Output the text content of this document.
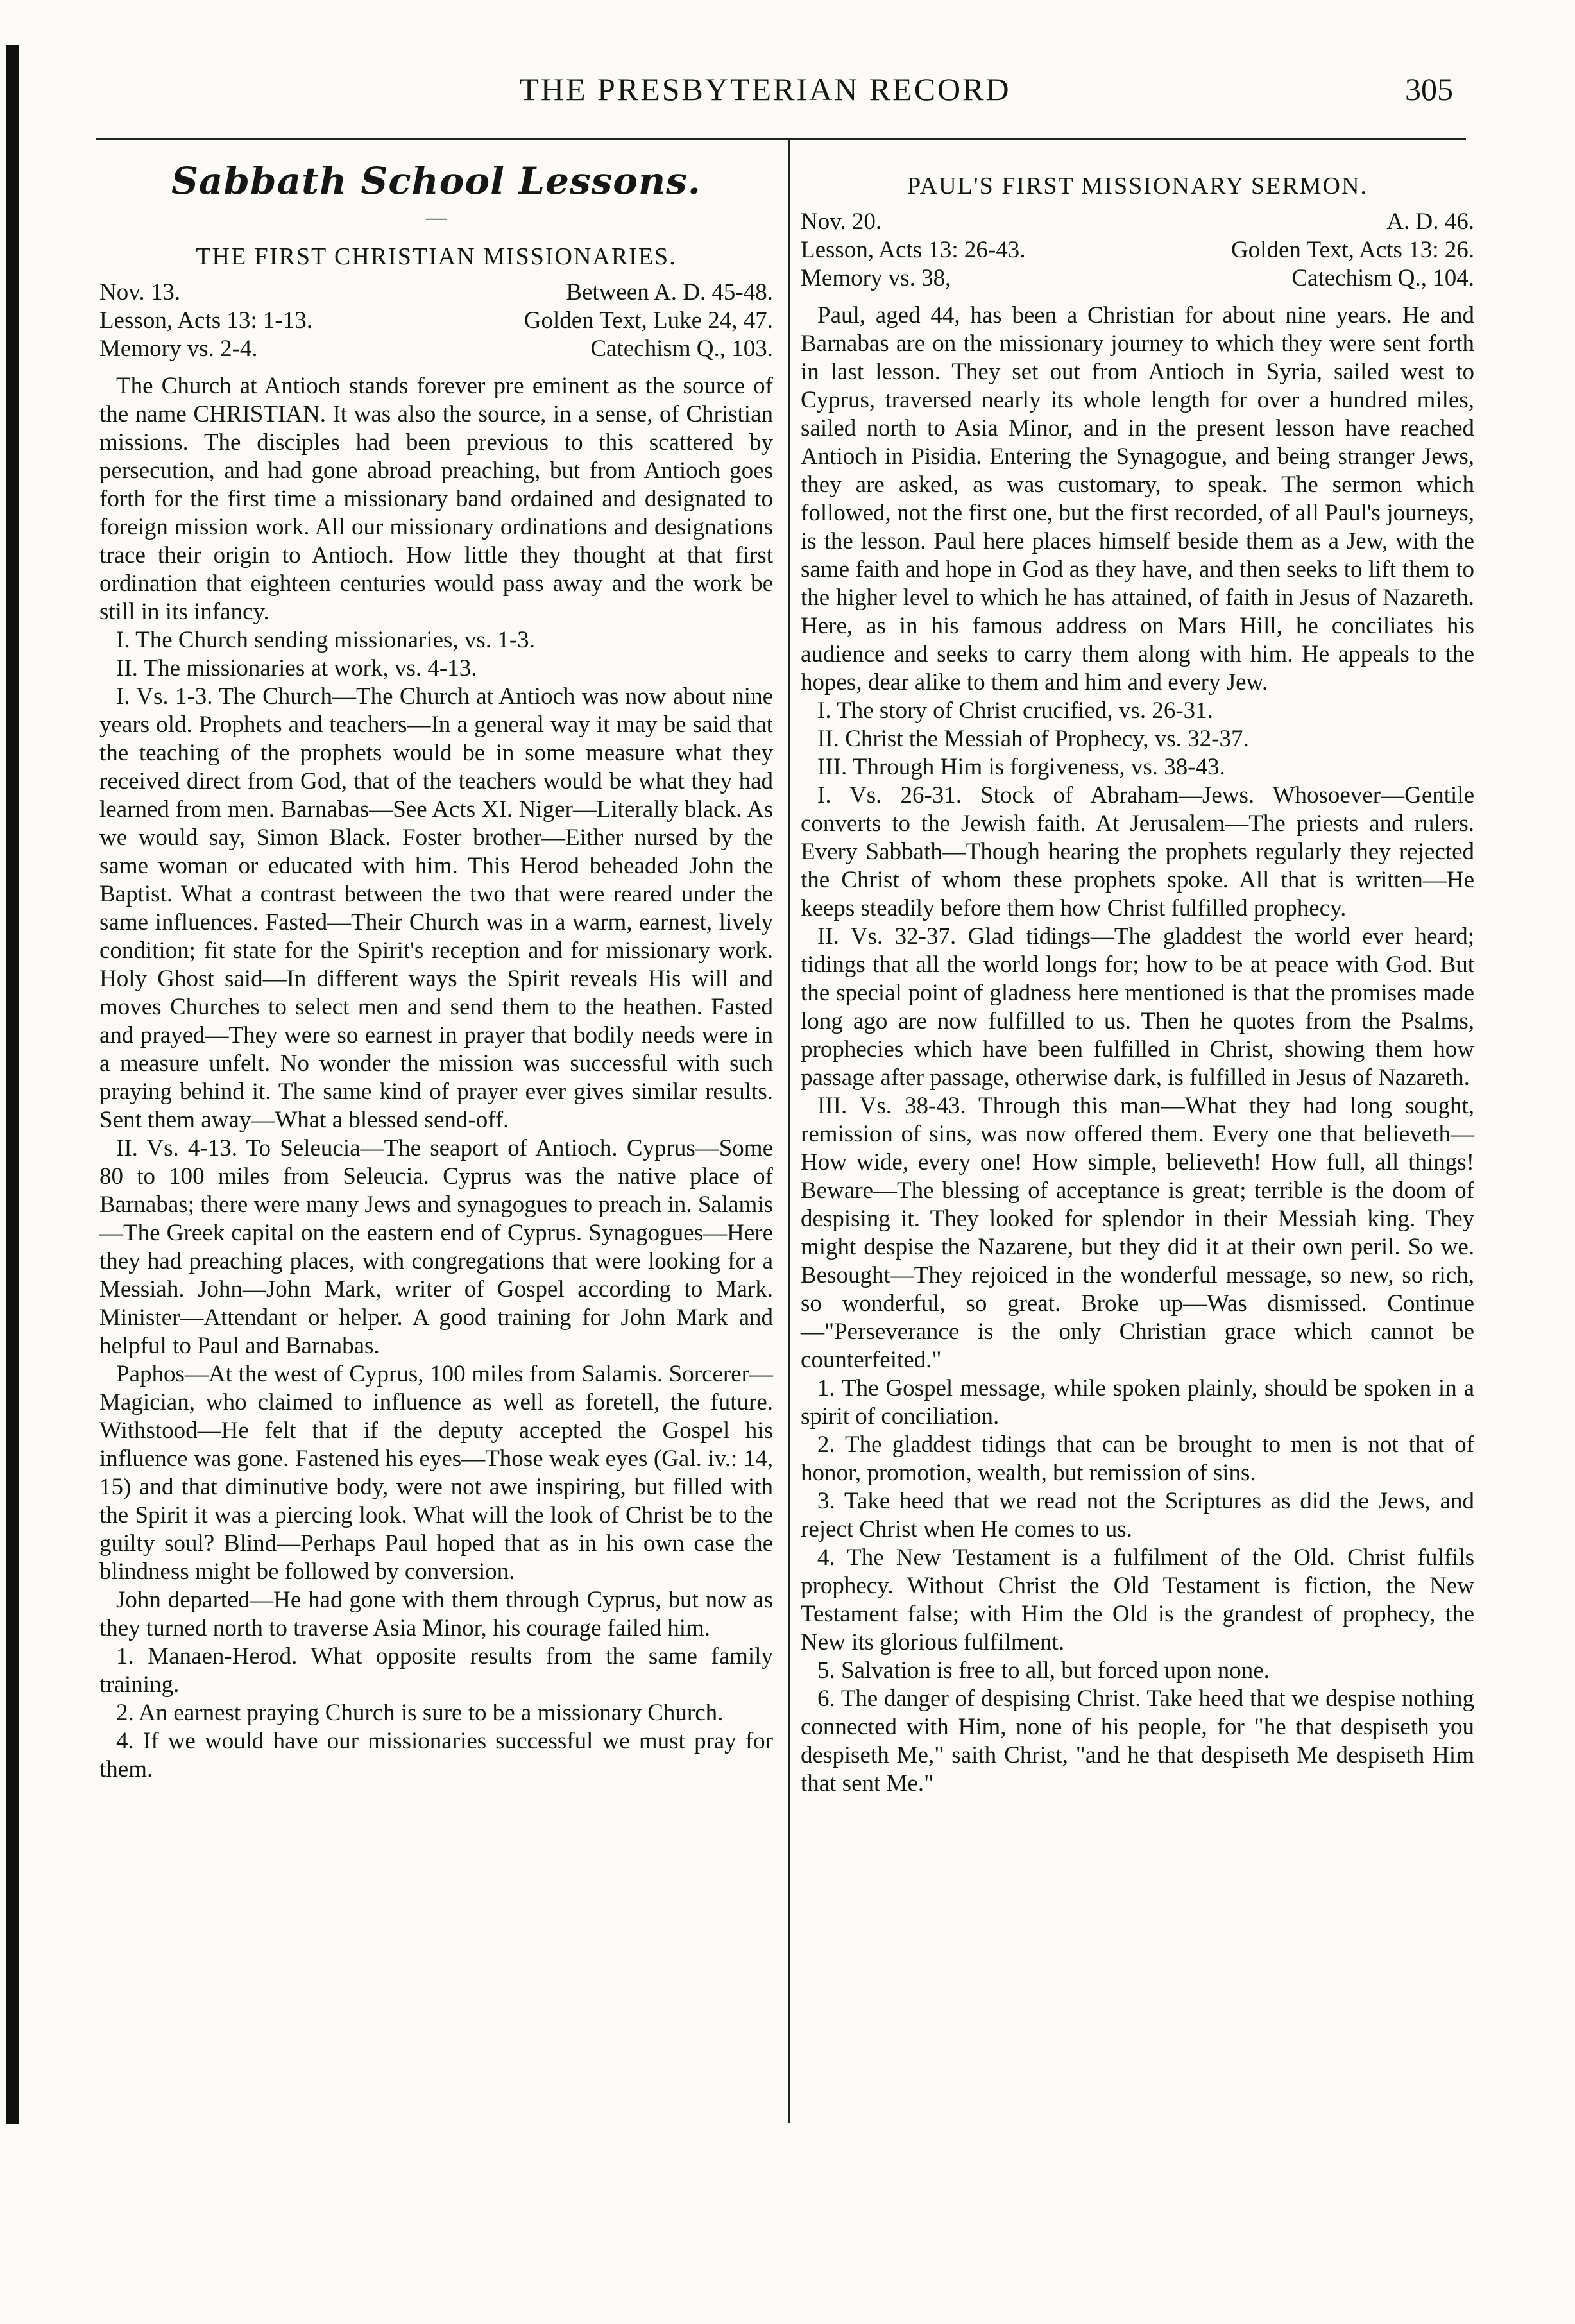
THE PRESBYTERIAN RECORD	305
Sabbath School Lessons.
—
THE FIRST CHRISTIAN MISSIONARIES.
Nov. 13.	Between A. D. 45-48.
Lesson, Acts 13: 1-13.	Golden Text, Luke 24, 47.
Memory vs. 2-4.	Catechism Q., 103.

The Church at Antioch stands forever pre eminent as the source of the name CHRISTIAN. It was also the source, in a sense, of Christian missions. The disciples had been previous to this scattered by persecution, and had gone abroad preaching, but from Antioch goes forth for the first time a missionary band ordained and designated to foreign mission work. All our missionary ordinations and designations trace their origin to Antioch. How little they thought at that first ordination that eighteen centuries would pass away and the work be still in its infancy.

I. The Church sending missionaries, vs. 1-3.

II. The missionaries at work, vs. 4-13.

I. Vs. 1-3. The Church—The Church at Antioch was now about nine years old. Prophets and teachers—In a general way it may be said that the teaching of the prophets would be in some measure what they received direct from God, that of the teachers would be what they had learned from men. Barnabas—See Acts XI. Niger—Literally black. As we would say, Simon Black. Foster brother—Either nursed by the same woman or educated with him. This Herod beheaded John the Baptist. What a contrast between the two that were reared under the same influences. Fasted—Their Church was in a warm, earnest, lively condition; fit state for the Spirit's reception and for missionary work. Holy Ghost said—In different ways the Spirit reveals His will and moves Churches to select men and send them to the heathen. Fasted and prayed—They were so earnest in prayer that bodily needs were in a measure unfelt. No wonder the mission was successful with such praying behind it. The same kind of prayer ever gives similar results. Sent them away—What a blessed send-off.

II. Vs. 4-13. To Seleucia—The seaport of Antioch. Cyprus—Some 80 to 100 miles from Seleucia. Cyprus was the native place of Barnabas; there were many Jews and synagogues to preach in. Salamis—The Greek capital on the eastern end of Cyprus. Synagogues—Here they had preaching places, with congregations that were looking for a Messiah. John—John Mark, writer of Gospel according to Mark. Minister—Attendant or helper. A good training for John Mark and helpful to Paul and Barnabas.

Paphos—At the west of Cyprus, 100 miles from Salamis. Sorcerer—Magician, who claimed to influence as well as foretell, the future. Withstood—He felt that if the deputy accepted the Gospel his influence was gone. Fastened his eyes—Those weak eyes (Gal. iv.: 14, 15) and that diminutive body, were not awe inspiring, but filled with the Spirit it was a piercing look. What will the look of Christ be to the guilty soul? Blind—Perhaps Paul hoped that as in his own case the blindness might be followed by conversion.

John departed—He had gone with them through Cyprus, but now as they turned north to traverse Asia Minor, his courage failed him.

1. Manaen-Herod. What opposite results from the same family training.

2. An earnest praying Church is sure to be a missionary Church.

4. If we would have our missionaries successful we must pray for them.

PAUL'S FIRST MISSIONARY SERMON.
Nov. 20.	A. D. 46.
Lesson, Acts 13: 26-43.	Golden Text, Acts 13: 26.
Memory vs. 38,	Catechism Q., 104.

Paul, aged 44, has been a Christian for about nine years. He and Barnabas are on the missionary journey to which they were sent forth in last lesson. They set out from Antioch in Syria, sailed west to Cyprus, traversed nearly its whole length for over a hundred miles, sailed north to Asia Minor, and in the present lesson have reached Antioch in Pisidia. Entering the Synagogue, and being stranger Jews, they are asked, as was customary, to speak. The sermon which followed, not the first one, but the first recorded, of all Paul's journeys, is the lesson. Paul here places himself beside them as a Jew, with the same faith and hope in God as they have, and then seeks to lift them to the higher level to which he has attained, of faith in Jesus of Nazareth. Here, as in his famous address on Mars Hill, he conciliates his audience and seeks to carry them along with him. He appeals to the hopes, dear alike to them and him and every Jew.

I. The story of Christ crucified, vs. 26-31.

II. Christ the Messiah of Prophecy, vs. 32-37.

III. Through Him is forgiveness, vs. 38-43.

I. Vs. 26-31. Stock of Abraham—Jews. Whosoever—Gentile converts to the Jewish faith. At Jerusalem—The priests and rulers. Every Sabbath—Though hearing the prophets regularly they rejected the Christ of whom these prophets spoke. All that is written—He keeps steadily before them how Christ fulfilled prophecy.

II. Vs. 32-37. Glad tidings—The gladdest the world ever heard; tidings that all the world longs for; how to be at peace with God. But the special point of gladness here mentioned is that the promises made long ago are now fulfilled to us. Then he quotes from the Psalms, prophecies which have been fulfilled in Christ, showing them how passage after passage, otherwise dark, is fulfilled in Jesus of Nazareth.

III. Vs. 38-43. Through this man—What they had long sought, remission of sins, was now offered them. Every one that believeth—How wide, every one! How simple, believeth! How full, all things! Beware—The blessing of acceptance is great; terrible is the doom of despising it. They looked for splendor in their Messiah king. They might despise the Nazarene, but they did it at their own peril. So we. Besought—They rejoiced in the wonderful message, so new, so rich, so wonderful, so great. Broke up—Was dismissed. Continue—"Perseverance is the only Christian grace which cannot be counterfeited."

1. The Gospel message, while spoken plainly, should be spoken in a spirit of conciliation.

2. The gladdest tidings that can be brought to men is not that of honor, promotion, wealth, but remission of sins.

3. Take heed that we read not the Scriptures as did the Jews, and reject Christ when He comes to us.

4. The New Testament is a fulfilment of the Old. Christ fulfils prophecy. Without Christ the Old Testament is fiction, the New Testament false; with Him the Old is the grandest of prophecy, the New its glorious fulfilment.

5. Salvation is free to all, but forced upon none.

6. The danger of despising Christ. Take heed that we despise nothing connected with Him, none of his people, for "he that despiseth you despiseth Me," saith Christ, "and he that despiseth Me despiseth Him that sent Me."
